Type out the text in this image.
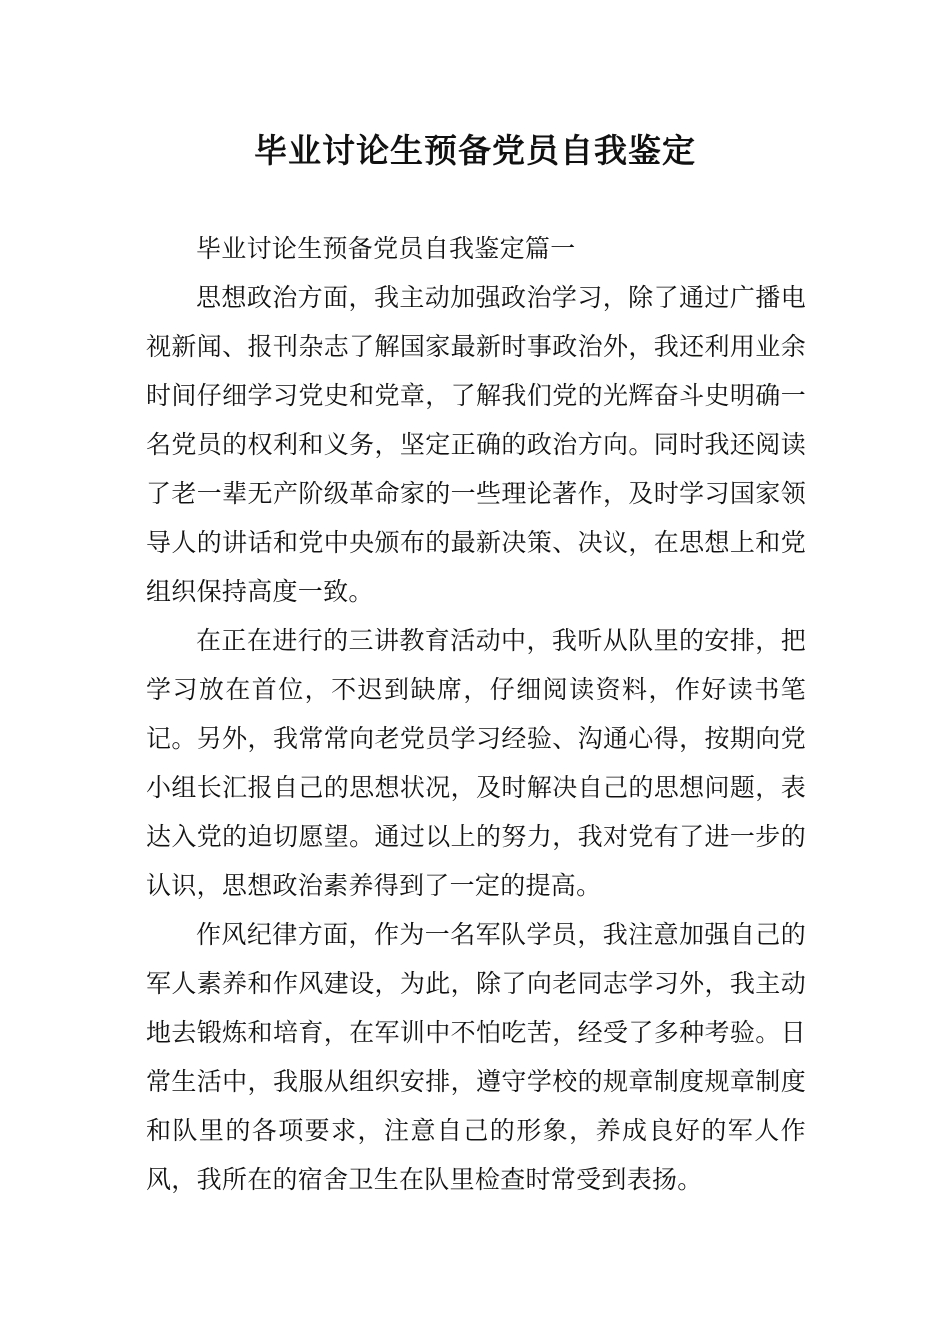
毕业讨论生预备党员自我鉴定

毕业讨论生预备党员自我鉴定篇一

思想政治方面，我主动加强政治学习，除了通过广播电视新闻、报刊杂志了解国家最新时事政治外，我还利用业余时间仔细学习党史和党章，了解我们党的光辉奋斗史明确一名党员的权利和义务，坚定正确的政治方向。同时我还阅读了老一辈无产阶级革命家的一些理论著作，及时学习国家领导人的讲话和党中央颁布的最新决策、决议，在思想上和党组织保持高度一致。

在正在进行的三讲教育活动中，我听从队里的安排，把学习放在首位，不迟到缺席，仔细阅读资料，作好读书笔记。另外，我常常向老党员学习经验、沟通心得，按期向党小组长汇报自己的思想状况，及时解决自己的思想问题，表达入党的迫切愿望。通过以上的努力，我对党有了进一步的认识，思想政治素养得到了一定的提高。

作风纪律方面，作为一名军队学员，我注意加强自己的军人素养和作风建设，为此，除了向老同志学习外，我主动地去锻炼和培育，在军训中不怕吃苦，经受了多种考验。日常生活中，我服从组织安排，遵守学校的规章制度规章制度和队里的各项要求，注意自己的形象，养成良好的军人作风，我所在的宿舍卫生在队里检查时常受到表扬。
